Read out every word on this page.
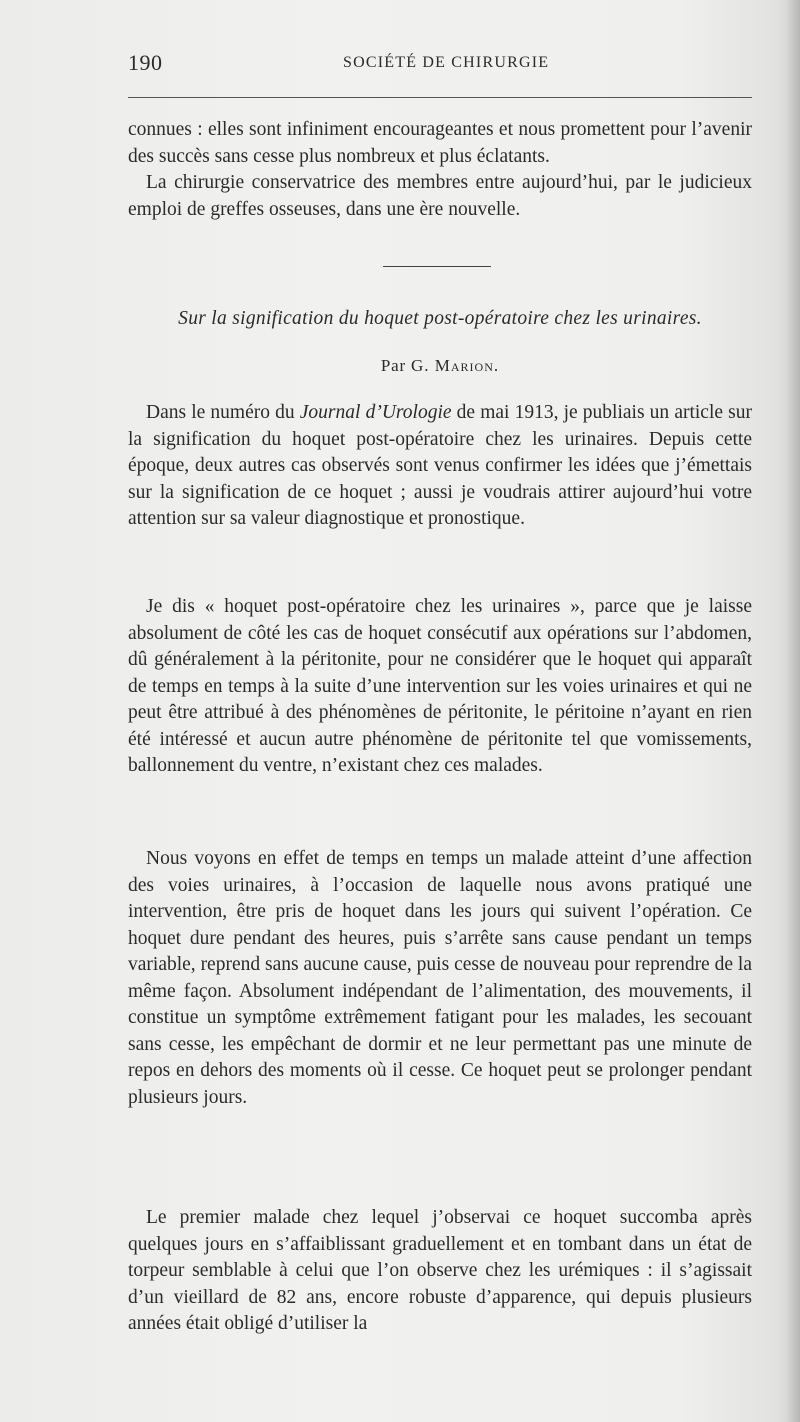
190	SOCIÉTÉ DE CHIRURGIE

connues : elles sont infiniment encourageantes et nous promettent pour l’avenir des succès sans cesse plus nombreux et plus éclatants.

La chirurgie conservatrice des membres entre aujourd’hui, par le judicieux emploi de greffes osseuses, dans une ère nouvelle.

Sur la signification du hoquet post-opératoire chez les urinaires.
Par G. Marion.

Dans le numéro du Journal d’Urologie de mai 1913, je publiais un article sur la signification du hoquet post-opératoire chez les urinaires. Depuis cette époque, deux autres cas observés sont venus confirmer les idées que j’émettais sur la signification de ce hoquet ; aussi je voudrais attirer aujourd’hui votre attention sur sa valeur diagnostique et pronostique.

Je dis « hoquet post-opératoire chez les urinaires », parce que je laisse absolument de côté les cas de hoquet consécutif aux opérations sur l’abdomen, dû généralement à la péritonite, pour ne considérer que le hoquet qui apparaît de temps en temps à la suite d’une intervention sur les voies urinaires et qui ne peut être attribué à des phénomènes de péritonite, le péritoine n’ayant en rien été intéressé et aucun autre phénomène de péritonite tel que vomissements, ballonnement du ventre, n’existant chez ces malades.

Nous voyons en effet de temps en temps un malade atteint d’une affection des voies urinaires, à l’occasion de laquelle nous avons pratiqué une intervention, être pris de hoquet dans les jours qui suivent l’opération. Ce hoquet dure pendant des heures, puis s’arrête sans cause pendant un temps variable, reprend sans aucune cause, puis cesse de nouveau pour reprendre de la même façon. Absolument indépendant de l’alimentation, des mouvements, il constitue un symptôme extrêmement fatigant pour les malades, les secouant sans cesse, les empêchant de dormir et ne leur permettant pas une minute de repos en dehors des moments où il cesse. Ce hoquet peut se prolonger pendant plusieurs jours.

Le premier malade chez lequel j’observai ce hoquet succomba après quelques jours en s’affaiblissant graduellement et en tombant dans un état de torpeur semblable à celui que l’on observe chez les urémiques : il s’agissait d’un vieillard de 82 ans, encore robuste d’apparence, qui depuis plusieurs années était obligé d’utiliser la
